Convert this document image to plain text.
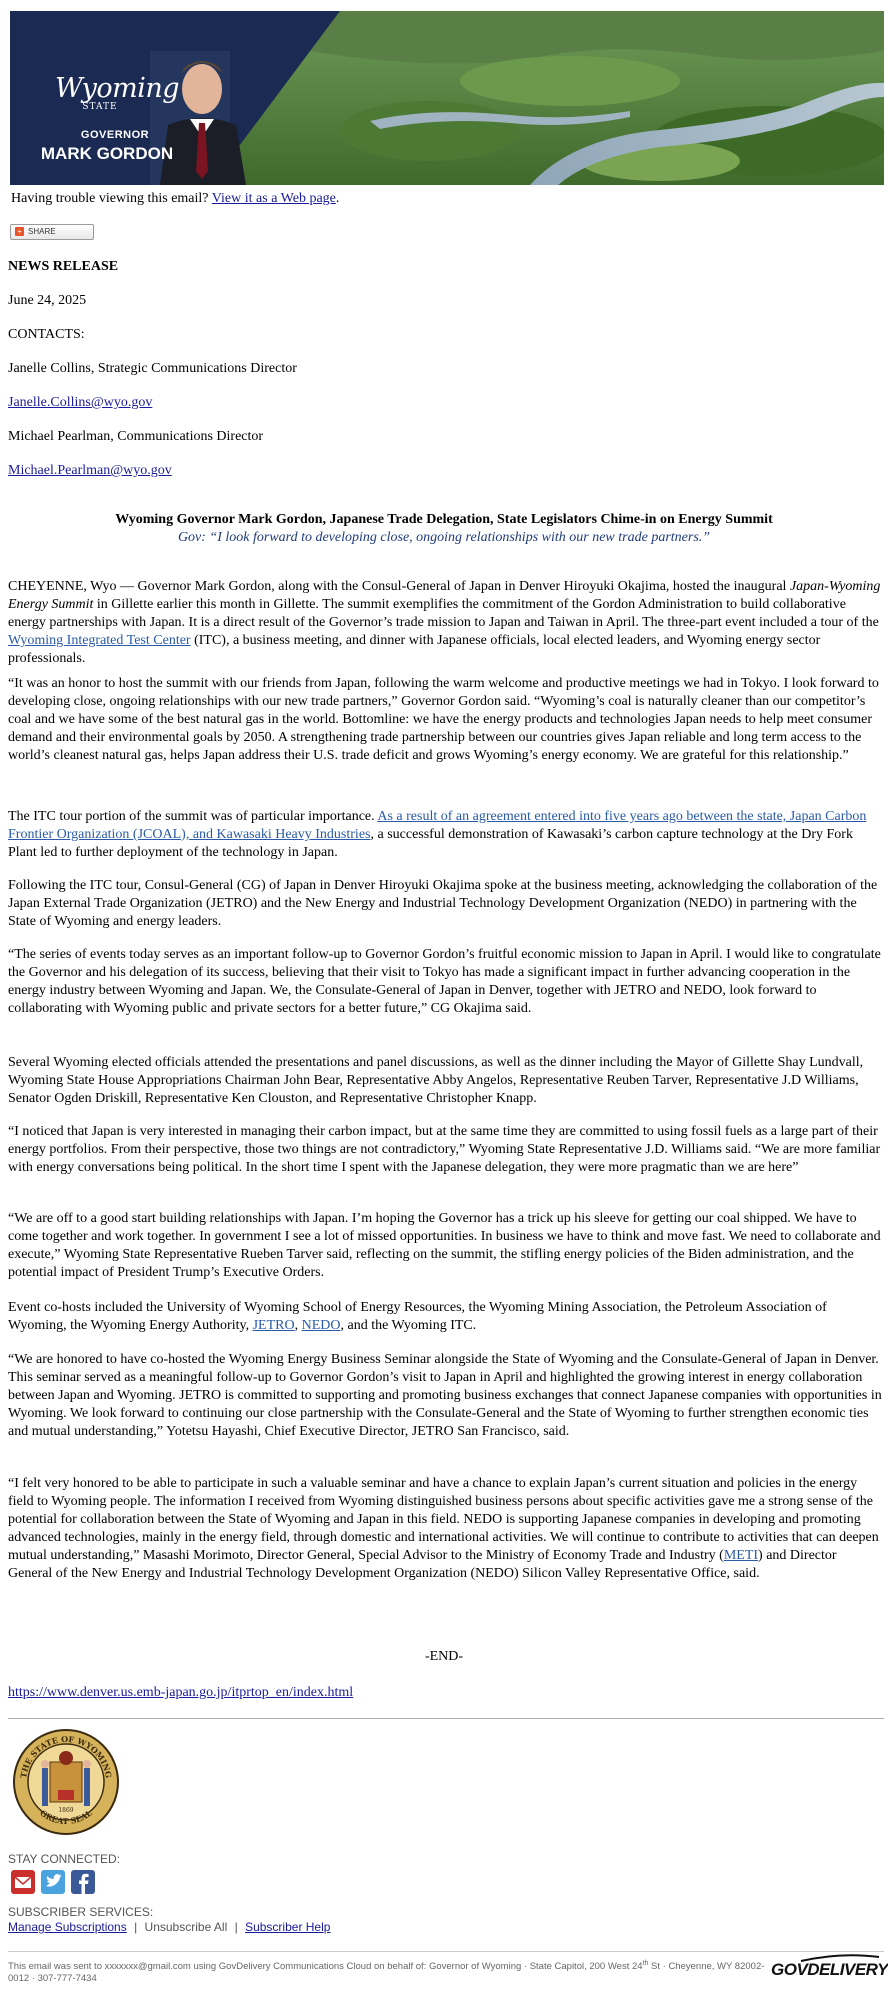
Wyoming
STATE
GOVERNOR
MARK GORDON
Having trouble viewing this email? View it as a Web page.
+ SHARE
NEWS RELEASE
June 24, 2025
CONTACTS:
Janelle Collins, Strategic Communications Director
Janelle.Collins@wyo.gov
Michael Pearlman, Communications Director
Michael.Pearlman@wyo.gov
Wyoming Governor Mark Gordon, Japanese Trade Delegation, State Legislators Chime-in on Energy Summit
Gov: “I look forward to developing close, ongoing relationships with our new trade partners.”

CHEYENNE, Wyo — Governor Mark Gordon, along with the Consul-General of Japan in Denver Hiroyuki Okajima, hosted the inaugural Japan-Wyoming Energy Summit in Gillette earlier this month in Gillette. The summit exemplifies the commitment of the Gordon Administration to build collaborative energy partnerships with Japan. It is a direct result of the Governor’s trade mission to Japan and Taiwan in April. The three-part event included a tour of the Wyoming Integrated Test Center (ITC), a business meeting, and dinner with Japanese officials, local elected leaders, and Wyoming energy sector professionals.

“It was an honor to host the summit with our friends from Japan, following the warm welcome and productive meetings we had in Tokyo. I look forward to developing close, ongoing relationships with our new trade partners,” Governor Gordon said. “Wyoming’s coal is naturally cleaner than our competitor’s coal and we have some of the best natural gas in the world. Bottomline: we have the energy products and technologies Japan needs to help meet consumer demand and their environmental goals by 2050. A strengthening trade partnership between our countries gives Japan reliable and long term access to the world’s cleanest natural gas, helps Japan address their U.S. trade deficit and grows Wyoming’s energy economy. We are grateful for this relationship.”

The ITC tour portion of the summit was of particular importance. As a result of an agreement entered into five years ago between the state, Japan Carbon Frontier Organization (JCOAL), and Kawasaki Heavy Industries, a successful demonstration of Kawasaki’s carbon capture technology at the Dry Fork Plant led to further deployment of the technology in Japan.

Following the ITC tour, Consul-General (CG) of Japan in Denver Hiroyuki Okajima spoke at the business meeting, acknowledging the collaboration of the Japan External Trade Organization (JETRO) and the New Energy and Industrial Technology Development Organization (NEDO) in partnering with the State of Wyoming and energy leaders.

“The series of events today serves as an important follow-up to Governor Gordon’s fruitful economic mission to Japan in April. I would like to congratulate the Governor and his delegation of its success, believing that their visit to Tokyo has made a significant impact in further advancing cooperation in the energy industry between Wyoming and Japan. We, the Consulate-General of Japan in Denver, together with JETRO and NEDO, look forward to collaborating with Wyoming public and private sectors for a better future,” CG Okajima said.

Several Wyoming elected officials attended the presentations and panel discussions, as well as the dinner including the Mayor of Gillette Shay Lundvall, Wyoming State House Appropriations Chairman John Bear, Representative Abby Angelos, Representative Reuben Tarver, Representative J.D Williams, Senator Ogden Driskill, Representative Ken Clouston, and Representative Christopher Knapp.

“I noticed that Japan is very interested in managing their carbon impact, but at the same time they are committed to using fossil fuels as a large part of their energy portfolios. From their perspective, those two things are not contradictory,” Wyoming State Representative J.D. Williams said. “We are more familiar with energy conversations being political. In the short time I spent with the Japanese delegation, they were more pragmatic than we are here”

“We are off to a good start building relationships with Japan. I’m hoping the Governor has a trick up his sleeve for getting our coal shipped. We have to come together and work together. In government I see a lot of missed opportunities. In business we have to think and move fast. We need to collaborate and execute,” Wyoming State Representative Rueben Tarver said, reflecting on the summit, the stifling energy policies of the Biden administration, and the potential impact of President Trump’s Executive Orders.

Event co-hosts included the University of Wyoming School of Energy Resources, the Wyoming Mining Association, the Petroleum Association of Wyoming, the Wyoming Energy Authority, JETRO, NEDO, and the Wyoming ITC.

“We are honored to have co-hosted the Wyoming Energy Business Seminar alongside the State of Wyoming and the Consulate-General of Japan in Denver. This seminar served as a meaningful follow-up to Governor Gordon’s visit to Japan in April and highlighted the growing interest in energy collaboration between Japan and Wyoming. JETRO is committed to supporting and promoting business exchanges that connect Japanese companies with opportunities in Wyoming. We look forward to continuing our close partnership with the Consulate-General and the State of Wyoming to further strengthen economic ties and mutual understanding,” Yotetsu Hayashi, Chief Executive Director, JETRO San Francisco, said.

“I felt very honored to be able to participate in such a valuable seminar and have a chance to explain Japan’s current situation and policies in the energy field to Wyoming people. The information I received from Wyoming distinguished business persons about specific activities gave me a strong sense of the potential for collaboration between the State of Wyoming and Japan in this field. NEDO is supporting Japanese companies in developing and promoting advanced technologies, mainly in the energy field, through domestic and international activities. We will continue to contribute to activities that can deepen mutual understanding,” Masashi Morimoto, Director General, Special Advisor to the Ministry of Economy Trade and Industry (METI) and Director General of the New Energy and Industrial Technology Development Organization (NEDO) Silicon Valley Representative Office, said.

-END-
https://www.denver.us.emb-japan.go.jp/itprtop_en/index.html
1869
THE STATE OF WYOMING
GREAT SEAL
STAY CONNECTED:
SUBSCRIBER SERVICES:
Manage Subscriptions | Unsubscribe All | Subscriber Help
This email was sent to xxxxxxx@gmail.com using GovDelivery Communications Cloud on behalf of: Governor of Wyoming · State Capitol, 200 West 24th St · Cheyenne, WY 82002-0012 · 307-777-7434	GOVDELIVERY
